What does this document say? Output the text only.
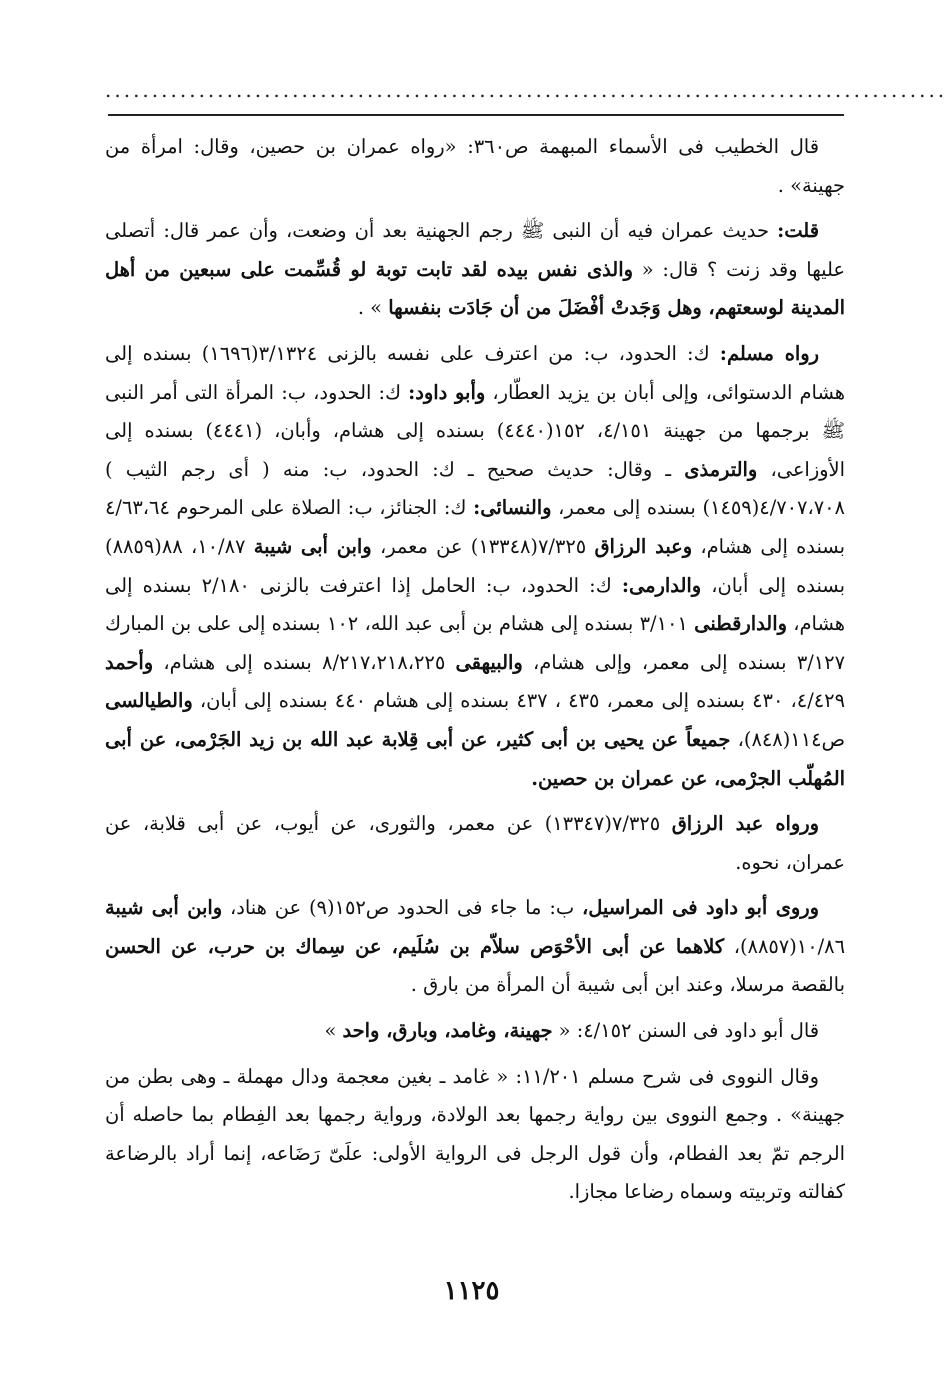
..........................................................................................

قال الخطيب فى الأسماء المبهمة ص٣٦٠: «رواه عمران بن حصين، وقال: امرأة من جهينة» .

قلت: حديث عمران فيه أن النبى ﷺ رجم الجهنية بعد أن وضعت، وأن عمر قال: أتصلى عليها وقد زنت ؟ قال: « والذى نفس بيده لقد تابت توبة لو قُسِّمت على سبعين من أهل المدينة لوسعتهم، وهل وَجَدتْ أفْضَلَ من أن جَادَت بنفسها » .

رواه مسلم: ك: الحدود، ب: من اعترف على نفسه بالزنى ٣/١٣٢٤(١٦٩٦) بسنده إلى هشام الدستوائى، وإلى أبان بن يزيد العطّار، وأبو داود: ك: الحدود، ب: المرأة التى أمر النبى ﷺ برجمها من جهينة ٤/١٥١، ١٥٢(٤٤٤٠) بسنده إلى هشام، وأبان، (٤٤٤١) بسنده إلى الأوزاعى، والترمذى ـ وقال: حديث صحيح ـ ك: الحدود، ب: منه ( أى رجم الثيب ) ٤/٧٠٧،٧٠٨(١٤٥٩) بسنده إلى معمر، والنسائى: ك: الجنائز، ب: الصلاة على المرحوم ٤/٦٣،٦٤ بسنده إلى هشام، وعبد الرزاق ٧/٣٢٥(١٣٣٤٨) عن معمر، وابن أبى شيبة ١٠/٨٧، ٨٨(٨٨٥٩) بسنده إلى أبان، والدارمى: ك: الحدود، ب: الحامل إذا اعترفت بالزنى ٢/١٨٠ بسنده إلى هشام، والدارقطنى ٣/١٠١ بسنده إلى هشام بن أبى عبد الله، ١٠٢ بسنده إلى على بن المبارك ٣/١٢٧ بسنده إلى معمر، وإلى هشام، والبيهقى ٨/٢١٧،٢١٨،٢٢٥ بسنده إلى هشام، وأحمد ٤/٤٢٩، ٤٣٠ بسنده إلى معمر، ٤٣٥ ، ٤٣٧ بسنده إلى هشام ٤٤٠ بسنده إلى أبان، والطيالسى ص١١٤(٨٤٨)، جميعاً عن يحيى بن أبى كثير، عن أبى قِلابة عبد الله بن زيد الجَرْمى، عن أبى المُهلّب الجرْمى، عن عمران بن حصين.

ورواه عبد الرزاق ٧/٣٢٥(١٣٣٤٧) عن معمر، والثورى، عن أيوب، عن أبى قلابة، عن عمران، نحوه.

وروى أبو داود فى المراسيل، ب: ما جاء فى الحدود ص١٥٢(٩) عن هناد، وابن أبى شيبة ١٠/٨٦(٨٨٥٧)، كلاهما عن أبى الأحْوَص سلاّم بن سُلَيم، عن سِماك بن حرب، عن الحسن بالقصة مرسلا، وعند ابن أبى شيبة أن المرأة من بارق .

قال أبو داود فى السنن ٤/١٥٢: « جهينة، وغامد، وبارق، واحد »

وقال النووى فى شرح مسلم ١١/٢٠١: « غامد ـ بغين معجمة ودال مهملة ـ وهى بطن من جهينة» . وجمع النووى بين رواية رجمها بعد الولادة، ورواية رجمها بعد الفِطام بما حاصله أن الرجم تمّ بعد الفطام، وأن قول الرجل فى الرواية الأولى: علَىّ رَضَاعه، إنما أراد بالرضاعة كفالته وتربيته وسماه رضاعا مجازا.

١١٢٥
